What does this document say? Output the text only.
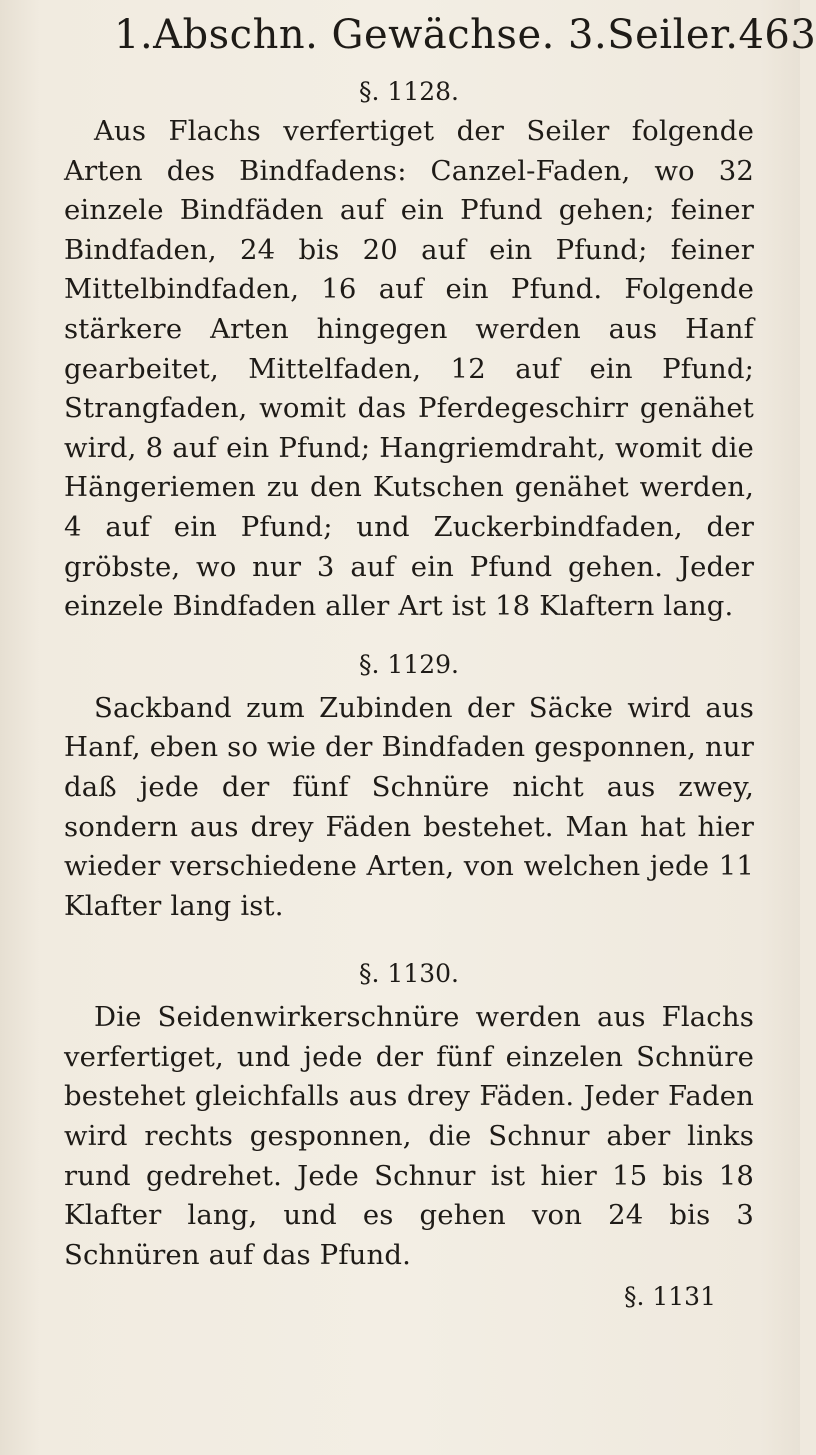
1.Abschn. Gewächse. 3.Seiler. 463
§. 1128.

Aus Flachs verfertiget der Seiler folgende Arten des Bindfadens: Canzel-Faden, wo 32 einzele Bindfäden auf ein Pfund gehen; feiner Bindfaden, 24 bis 20 auf ein Pfund; feiner Mittelbindfaden, 16 auf ein Pfund. Folgende stärkere Arten hingegen werden aus Hanf gearbeitet, Mittelfaden, 12 auf ein Pfund; Strangfaden, womit das Pferdegeschirr genähet wird, 8 auf ein Pfund; Hangriemdraht, womit die Hängeriemen zu den Kutschen genähet werden, 4 auf ein Pfund; und Zuckerbindfaden, der gröbste, wo nur 3 auf ein Pfund gehen. Jeder einzele Bindfaden aller Art ist 18 Klaftern lang.

§. 1129.

Sackband zum Zubinden der Säcke wird aus Hanf, eben so wie der Bindfaden gesponnen, nur daß jede der fünf Schnüre nicht aus zwey, sondern aus drey Fäden bestehet. Man hat hier wieder verschiedene Arten, von welchen jede 11 Klafter lang ist.

§. 1130.

Die Seidenwirkerschnüre werden aus Flachs verfertiget, und jede der fünf einzelen Schnüre bestehet gleichfalls aus drey Fäden. Jeder Faden wird rechts gesponnen, die Schnur aber links rund gedrehet. Jede Schnur ist hier 15 bis 18 Klafter lang, und es gehen von 24 bis 3 Schnüren auf das Pfund.

§. 1131
